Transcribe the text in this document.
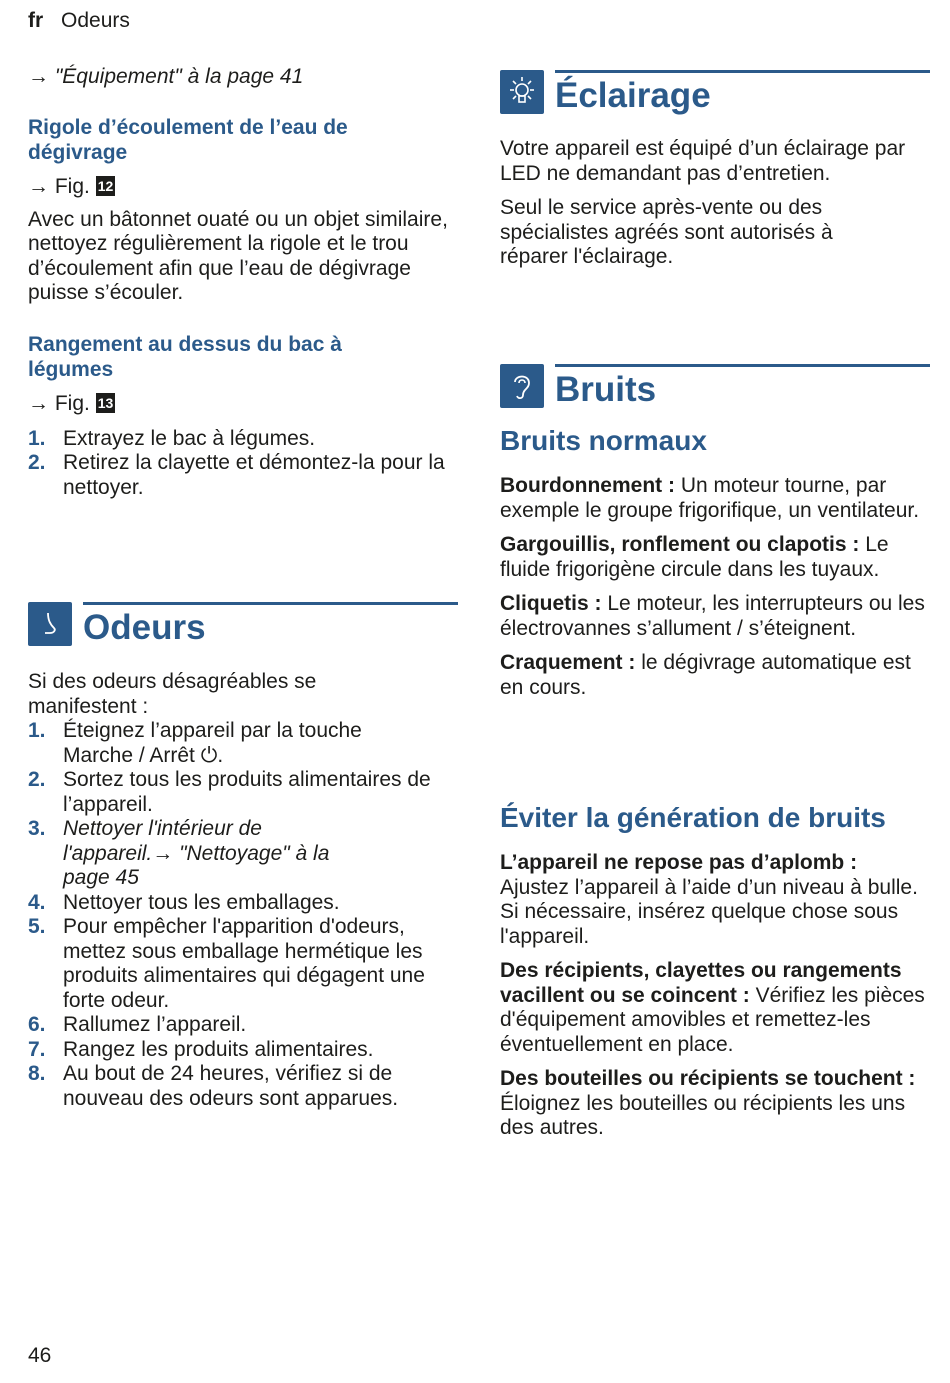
fr Odeurs

→ "Équipement" à la page 41

Rigole d’écoulement de l’eau de dégivrage

→ Fig. 12

Avec un bâtonnet ouaté ou un objet similaire, nettoyez régulièrement la rigole et le trou d’écoulement afin que l’eau de dégivrage puisse s’écouler.

Rangement au dessus du bac à légumes

→ Fig. 13

1. Extrayez le bac à légumes.
2. Retirez la clayette et démontez-la pour la nettoyer.
Odeurs

Si des odeurs désagréables se manifestent :

1. Éteignez l’appareil par la touche Marche / Arrêt ⏻.
2. Sortez tous les produits alimentaires de l’appareil.
3. Nettoyer l'intérieur de l'appareil.→ "Nettoyage" à la page 45
4. Nettoyer tous les emballages.
5. Pour empêcher l'apparition d'odeurs, mettez sous emballage hermétique les produits alimentaires qui dégagent une forte odeur.
6. Rallumez l’appareil.
7. Rangez les produits alimentaires.
8. Au bout de 24 heures, vérifiez si de nouveau des odeurs sont apparues.
Éclairage

Votre appareil est équipé d’un éclairage par LED ne demandant pas d’entretien.

Seul le service après-vente ou des spécialistes agréés sont autorisés à réparer l'éclairage.

Bruits
Bruits normaux

Bourdonnement : Un moteur tourne, par exemple le groupe frigorifique, un ventilateur.

Gargouillis, ronflement ou clapotis : Le fluide frigorigène circule dans les tuyaux.

Cliquetis : Le moteur, les interrupteurs ou les électrovannes s’allument / s’éteignent.

Craquement : le dégivrage automatique est en cours.

Éviter la génération de bruits

L’appareil ne repose pas d’aplomb : Ajustez l’appareil à l’aide d’un niveau à bulle. Si nécessaire, insérez quelque chose sous l'appareil.

Des récipients, clayettes ou rangements vacillent ou se coincent : Vérifiez les pièces d'équipement amovibles et remettez-les éventuellement en place.

Des bouteilles ou récipients se touchent : Éloignez les bouteilles ou récipients les uns des autres.

46
